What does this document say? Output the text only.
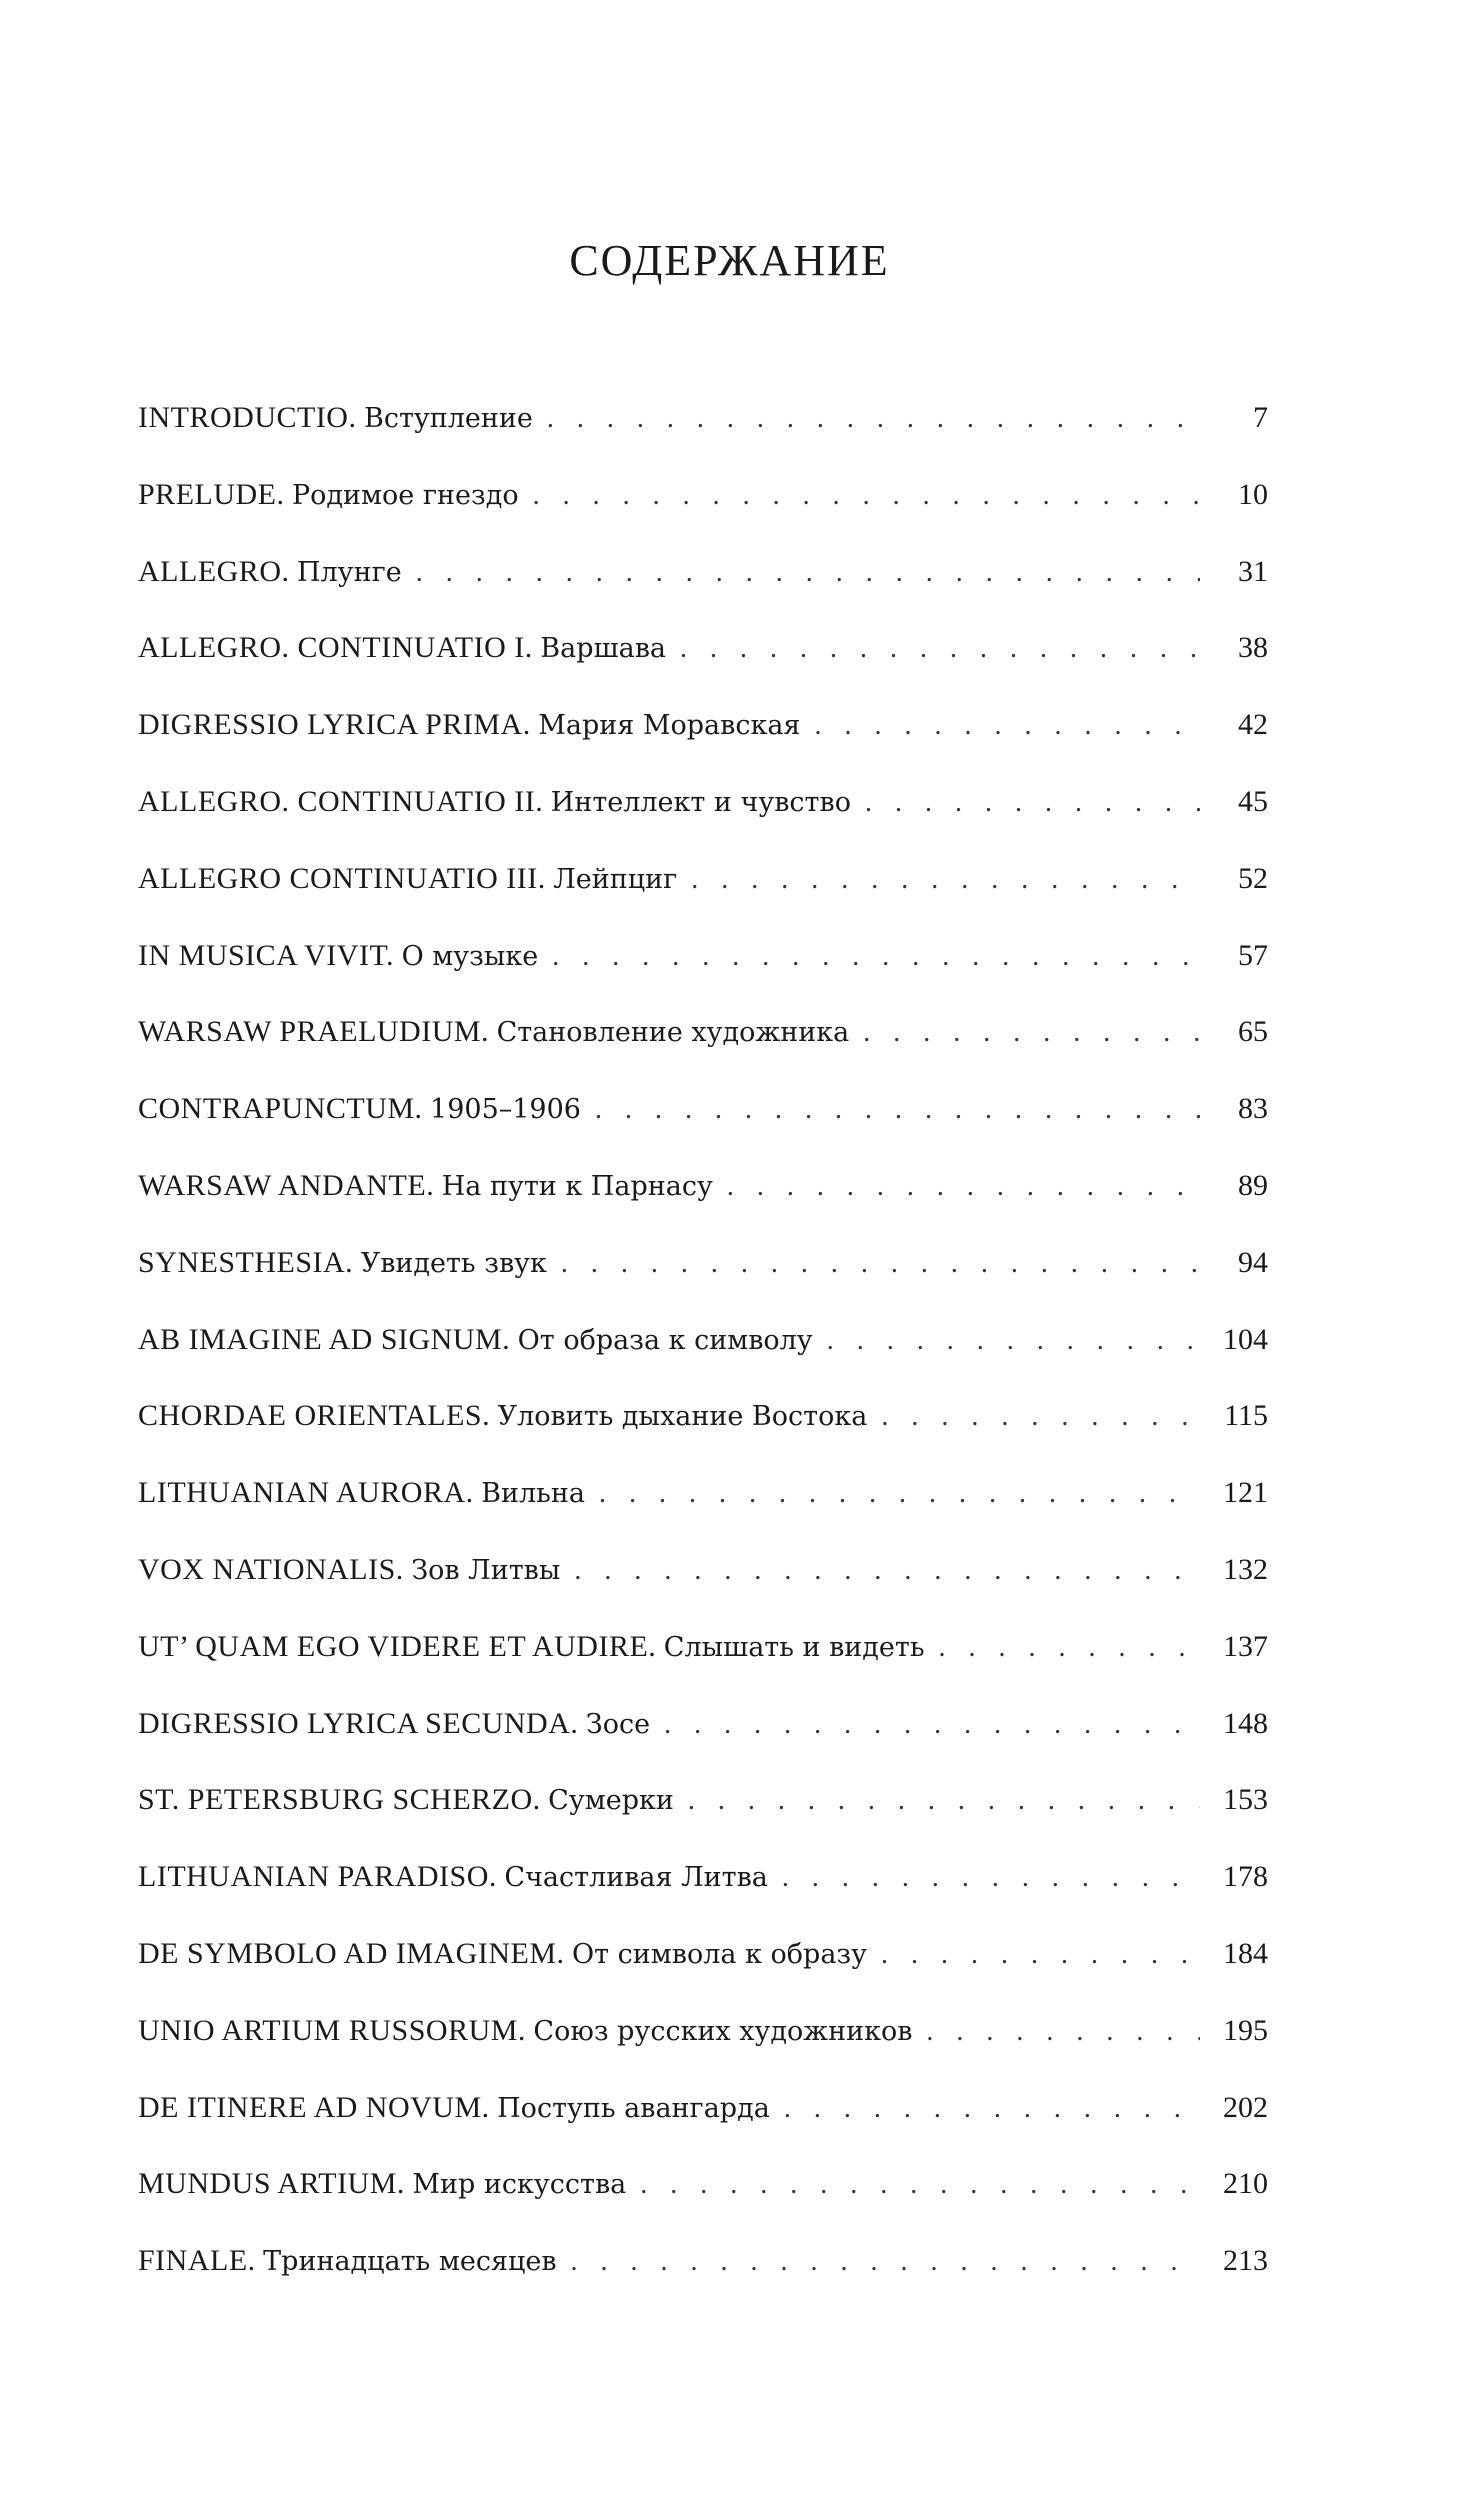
СОДЕРЖАНИЕ
INTRODUCTIO.
Вступление . .	7
PRELUDE.
Родимое гнездо . .	10
ALLEGRO.
Плунге . .	31
ALLEGRO. CONTINUATIO I.
Варшава . .	38
DIGRESSIO LYRICA PRIMA.
Мария Моравская . .	42
ALLEGRO. CONTINUATIO II.
Интеллект и чувство . .	45
ALLEGRO CONTINUATIO III.
Лейпциг . .	52
IN MUSICA VIVIT.
О музыке . .	57
WARSAW PRAELUDIUM.
Становление художника . .	65
CONTRAPUNCTUM.
1905–1906 . .	83
WARSAW ANDANTE.
На пути к Парнасу . .	89
SYNESTHESIA.
Увидеть звук . .	94
AB IMAGINE AD SIGNUM.
От образа к символу . .	104
CHORDAE ORIENTALES.
Уловить дыхание Востока . .	115
LITHUANIAN AURORA.
Вильна . .	121
VOX NATIONALIS.
Зов Литвы . .	132
UT’ QUAM EGO VIDERE ET AUDIRE.
Слышать и видеть . .	137
DIGRESSIO LYRICA SECUNDA.
Зосе . .	148
ST. PETERSBURG SCHERZO.
Сумерки . .	153
LITHUANIAN PARADISO.
Счастливая Литва . .	178
DE SYMBOLO AD IMAGINEM.
От символа к образу . .	184
UNIO ARTIUM RUSSORUM.
Союз русских художников . .	195
DE ITINERE AD NOVUM.
Поступь авангарда . .	202
MUNDUS ARTIUM.
Мир искусства . .	210
FINALE.
Тринадцать месяцев . .	213
